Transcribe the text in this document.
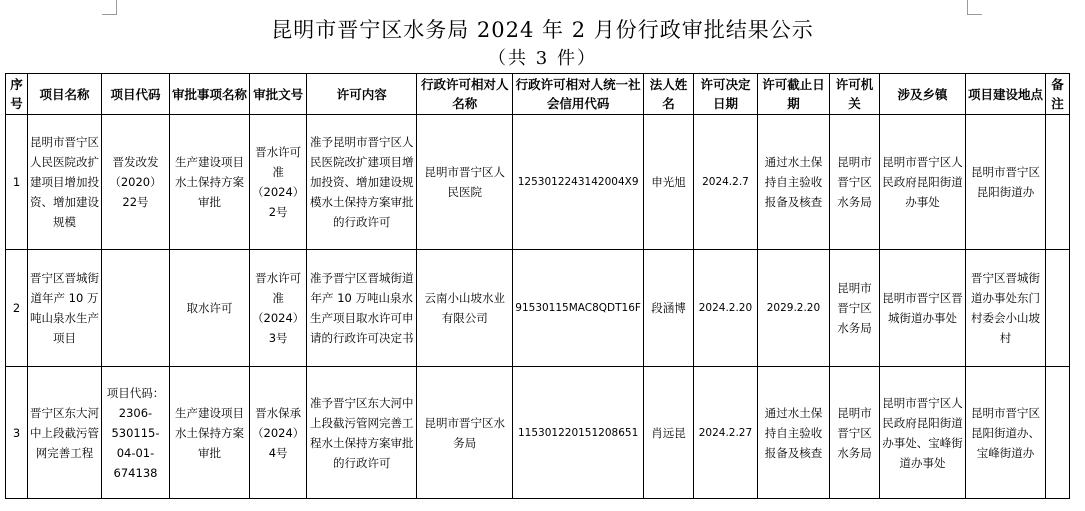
昆明市晋宁区水务局 2024 年 2 月份行政审批结果公示
（共 3 件）
序号	项目名称	项目代码	审批事项名称	审批文号	许可内容	行政许可相对人名称	行政许可相对人统一社会信用代码	法人姓名	许可决定日期	许可截止日期	许可机关	涉及乡镇	项目建设地点	备注
1	昆明市晋宁区人民医院改扩建项目增加投资、增加建设规模	晋发改发（2020）22号	生产建设项目水土保持方案审批	晋水许可准（2024）2号	准予昆明市晋宁区人民医院改扩建项目增加投资、增加建设规模水土保持方案审批的行政许可	昆明市晋宁区人民医院	12530122431420​04X9	申光旭	2024.2.7	通过水土保持自主验收报备及核查	昆明市晋宁区水务局	昆明市晋宁区人民政府昆阳街道办事处	昆明市晋宁区昆阳街道办	
2	晋宁区晋城街道年产 10 万吨山泉水生产项目		取水许可	晋水许可准（2024）3号	准予晋宁区晋城街道年产 10 万吨山泉水生产项目取水许可申请的行政许可决定书	云南小山坡水业有限公司	91530115MAC8QDT16F	段涵博	2024.2.20	2029.2.20	昆明市晋宁区水务局	昆明市晋宁区晋城街道办事处	晋宁区晋城街道办事处东门村委会小山坡村	
3	晋宁区东大河中上段截污管网完善工程	项目代码：2306-530115-04-01-674138	生产建设项目水土保持方案审批	晋水保承（2024）4号	准予晋宁区东大河中上段截污管网完善工程水土保持方案审批的行政许可	昆明市晋宁区水务局	115301220151208651	肖远昆	2024.2.27	通过水土保持自主验收报备及核查	昆明市晋宁区水务局	昆明市晋宁区人民政府昆阳街道办事处、宝峰街道办事处	昆明市晋宁区昆阳街道办、宝峰街道办	
